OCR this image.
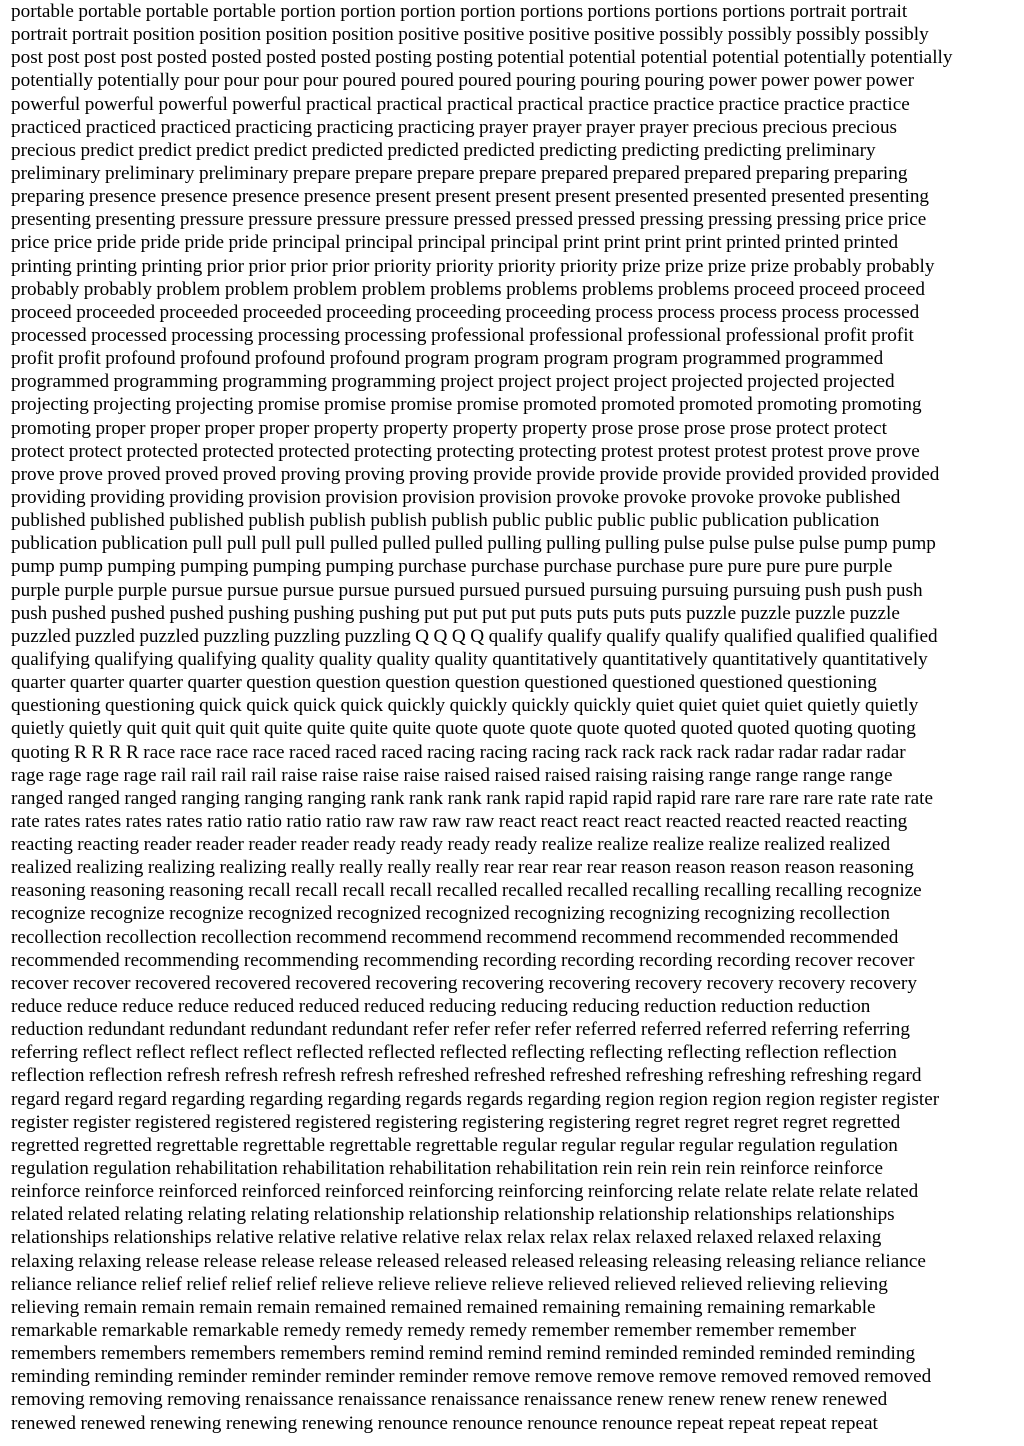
portable portable portable portable portion portion portion portion portions portions portions portions portrait portrait
portrait portrait position position position position positive positive positive positive possibly possibly possibly possibly
post post post post posted posted posted posted posting posting potential potential potential potential potentially potentially
potentially potentially pour pour pour pour poured poured poured pouring pouring pouring power power power power
powerful powerful powerful powerful practical practical practical practical practice practice practice practice practice
practiced practiced practiced practicing practicing practicing prayer prayer prayer prayer precious precious precious
precious predict predict predict predict predicted predicted predicted predicting predicting predicting preliminary
preliminary preliminary preliminary prepare prepare prepare prepare prepared prepared prepared preparing preparing
preparing presence presence presence presence present present present present presented presented presented presenting
presenting presenting pressure pressure pressure pressure pressed pressed pressed pressing pressing pressing price price
price price pride pride pride pride principal principal principal principal print print print print printed printed printed
printing printing printing prior prior prior prior priority priority priority priority prize prize prize prize probably probably
probably probably problem problem problem problem problems problems problems problems proceed proceed proceed
proceed proceeded proceeded proceeded proceeding proceeding proceeding process process process process processed
processed processed processing processing processing professional professional professional professional profit profit
profit profit profound profound profound profound program program program program programmed programmed
programmed programming programming programming project project project project projected projected projected
projecting projecting projecting promise promise promise promise promoted promoted promoted promoting promoting
promoting proper proper proper proper property property property property prose prose prose prose protect protect
protect protect protected protected protected protecting protecting protecting protest protest protest protest prove prove
prove prove proved proved proved proving proving proving provide provide provide provide provided provided provided
providing providing providing provision provision provision provision provoke provoke provoke provoke published
published published published publish publish publish publish public public public public publication publication
publication publication pull pull pull pull pulled pulled pulled pulling pulling pulling pulse pulse pulse pulse pump pump
pump pump pumping pumping pumping pumping purchase purchase purchase purchase pure pure pure pure purple
purple purple purple pursue pursue pursue pursue pursued pursued pursued pursuing pursuing pursuing push push push
push pushed pushed pushed pushing pushing pushing put put put put puts puts puts puts puzzle puzzle puzzle puzzle
puzzled puzzled puzzled puzzling puzzling puzzling Q Q Q Q qualify qualify qualify qualify qualified qualified qualified
qualifying qualifying qualifying quality quality quality quality quantitatively quantitatively quantitatively quantitatively
quarter quarter quarter quarter question question question question questioned questioned questioned questioning
questioning questioning quick quick quick quick quickly quickly quickly quickly quiet quiet quiet quiet quietly quietly
quietly quietly quit quit quit quit quite quite quite quite quote quote quote quote quoted quoted quoted quoting quoting
quoting R R R R race race race race raced raced raced racing racing racing rack rack rack rack radar radar radar radar
rage rage rage rage rail rail rail rail raise raise raise raise raised raised raised raising raising range range range range
ranged ranged ranged ranging ranging ranging rank rank rank rank rapid rapid rapid rapid rare rare rare rare rate rate rate
rate rates rates rates rates ratio ratio ratio ratio raw raw raw raw react react react react reacted reacted reacted reacting
reacting reacting reader reader reader reader ready ready ready ready realize realize realize realize realized realized
realized realizing realizing realizing really really really really rear rear rear rear reason reason reason reason reasoning
reasoning reasoning reasoning recall recall recall recall recalled recalled recalled recalling recalling recalling recognize
recognize recognize recognize recognized recognized recognized recognizing recognizing recognizing recollection
recollection recollection recollection recommend recommend recommend recommend recommended recommended
recommended recommending recommending recommending recording recording recording recording recover recover
recover recover recovered recovered recovered recovering recovering recovering recovery recovery recovery recovery
reduce reduce reduce reduce reduced reduced reduced reducing reducing reducing reduction reduction reduction
reduction redundant redundant redundant redundant refer refer refer refer referred referred referred referring referring
referring reflect reflect reflect reflect reflected reflected reflected reflecting reflecting reflecting reflection reflection
reflection reflection refresh refresh refresh refresh refreshed refreshed refreshed refreshing refreshing refreshing regard
regard regard regard regarding regarding regarding regards regards regarding region region region region register register
register register registered registered registered registering registering registering regret regret regret regret regretted
regretted regretted regrettable regrettable regrettable regrettable regular regular regular regular regulation regulation
regulation regulation rehabilitation rehabilitation rehabilitation rehabilitation rein rein rein rein reinforce reinforce
reinforce reinforce reinforced reinforced reinforced reinforcing reinforcing reinforcing relate relate relate relate related
related related relating relating relating relationship relationship relationship relationship relationships relationships
relationships relationships relative relative relative relative relax relax relax relax relaxed relaxed relaxed relaxing
relaxing relaxing release release release release released released released releasing releasing releasing reliance reliance
reliance reliance relief relief relief relief relieve relieve relieve relieve relieved relieved relieved relieving relieving
relieving remain remain remain remain remained remained remained remaining remaining remaining remarkable
remarkable remarkable remarkable remedy remedy remedy remedy remember remember remember remember
remembers remembers remembers remembers remind remind remind remind reminded reminded reminded reminding
reminding reminding reminder reminder reminder reminder remove remove remove remove removed removed removed
removing removing removing renaissance renaissance renaissance renaissance renew renew renew renew renewed
renewed renewed renewing renewing renewing renounce renounce renounce renounce repeat repeat repeat repeat
